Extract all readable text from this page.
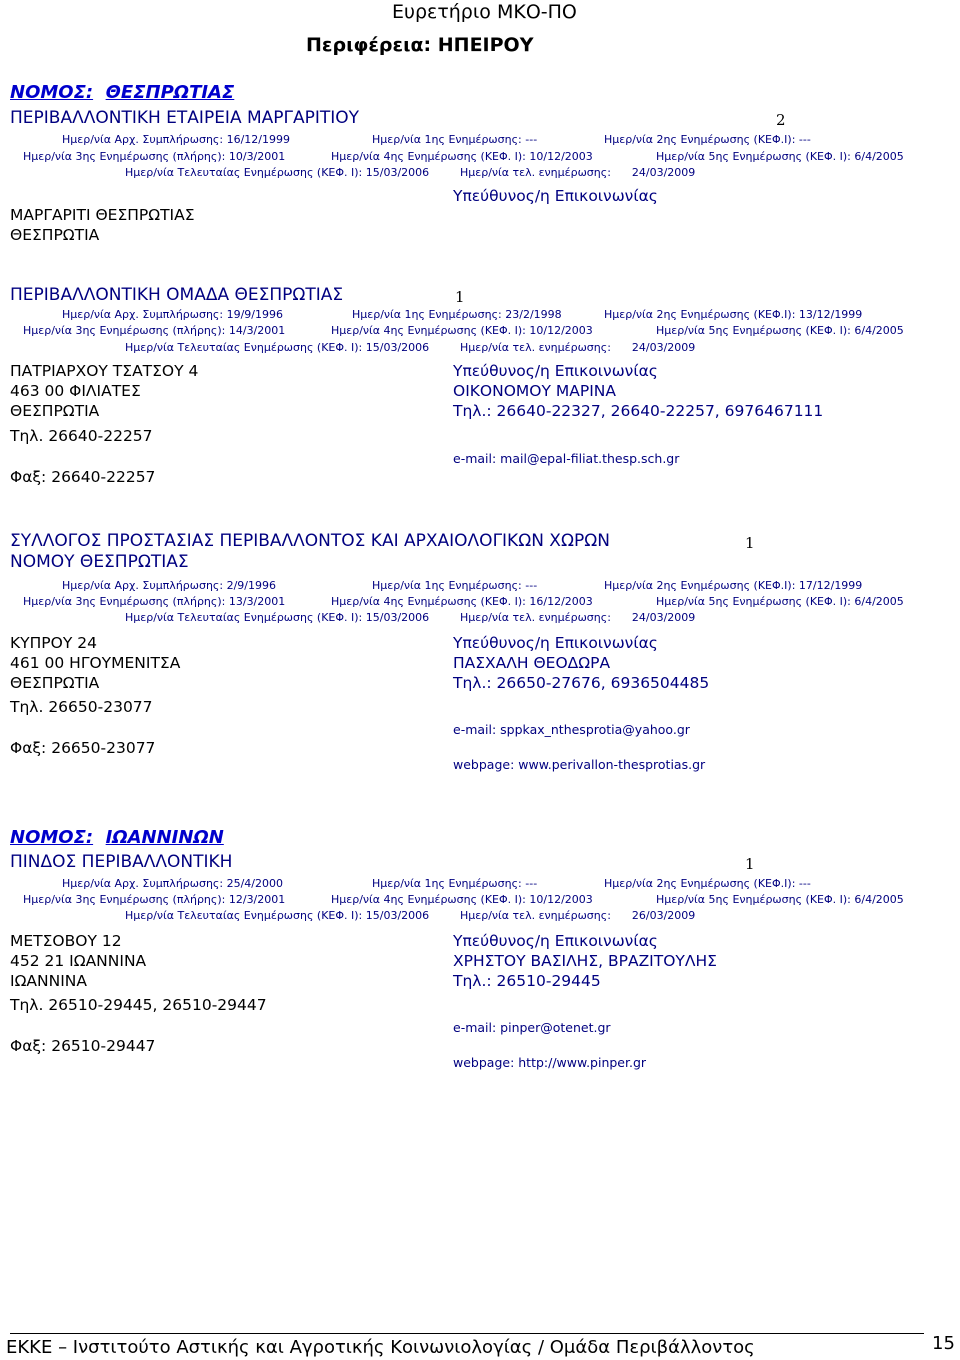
Ευρετήριο ΜΚΟ-ΠΟ
Περιφέρεια: ΗΠΕΙΡΟΥ
ΝΟΜΟΣ: ΘΕΣΠΡΩΤΙΑΣ
ΠΕΡΙΒΑΛΛΟΝΤΙΚΗ ΕΤΑΙΡΕΙΑ ΜΑΡΓΑΡΙΤΙΟΥ	2
Ημερ/νία Αρχ. Συμπλήρωσης: 16/12/1999	Ημερ/νία 1ης Ενημέρωσης: ---	Ημερ/νία 2ης Ενημέρωσης (ΚΕΦ.Ι): ---
Ημερ/νία 3ης Ενημέρωσης (πλήρης): 10/3/2001	Ημερ/νία 4ης Ενημέρωσης (ΚΕΦ. Ι): 10/12/2003	Ημερ/νία 5ης Ενημέρωσης (ΚΕΦ. Ι): 6/4/2005
Ημερ/νία Τελευταίας Ενημέρωσης (ΚΕΦ. Ι): 15/03/2006	Ημερ/νία τελ. ενημέρωσης: 24/03/2009
Υπεύθυνος/η Επικοινωνίας
ΜΑΡΓΑΡΙΤΙ ΘΕΣΠΡΩΤΙΑΣ
ΘΕΣΠΡΩΤΙΑ
ΠΕΡΙΒΑΛΛΟΝΤΙΚΗ ΟΜΑΔΑ ΘΕΣΠΡΩΤΙΑΣ	1
Ημερ/νία Αρχ. Συμπλήρωσης: 19/9/1996	Ημερ/νία 1ης Ενημέρωσης: 23/2/1998	Ημερ/νία 2ης Ενημέρωσης (ΚΕΦ.Ι): 13/12/1999
Ημερ/νία 3ης Ενημέρωσης (πλήρης): 14/3/2001	Ημερ/νία 4ης Ενημέρωσης (ΚΕΦ. Ι): 10/12/2003	Ημερ/νία 5ης Ενημέρωσης (ΚΕΦ. Ι): 6/4/2005
Ημερ/νία Τελευταίας Ενημέρωσης (ΚΕΦ. Ι): 15/03/2006	Ημερ/νία τελ. ενημέρωσης: 24/03/2009
ΠΑΤΡΙΑΡΧΟΥ ΤΣΑΤΣΟΥ 4
463 00 ΦΙΛΙΑΤΕΣ
ΘΕΣΠΡΩΤΙΑ
Τηλ. 26640-22257
Φαξ: 26640-22257
Υπεύθυνος/η Επικοινωνίας
ΟΙΚΟΝΟΜΟΥ ΜΑΡΙΝΑ
Τηλ.: 26640-22327, 26640-22257, 6976467111
e-mail: mail@epal-filiat.thesp.sch.gr
ΣΥΛΛΟΓΟΣ ΠΡΟΣΤΑΣΙΑΣ ΠΕΡΙΒΑΛΛΟΝΤΟΣ ΚΑΙ ΑΡΧΑΙΟΛΟΓΙΚΩΝ ΧΩΡΩΝ
ΝΟΜΟΥ ΘΕΣΠΡΩΤΙΑΣ
1
Ημερ/νία Αρχ. Συμπλήρωσης: 2/9/1996	Ημερ/νία 1ης Ενημέρωσης: ---	Ημερ/νία 2ης Ενημέρωσης (ΚΕΦ.Ι): 17/12/1999
Ημερ/νία 3ης Ενημέρωσης (πλήρης): 13/3/2001	Ημερ/νία 4ης Ενημέρωσης (ΚΕΦ. Ι): 16/12/2003	Ημερ/νία 5ης Ενημέρωσης (ΚΕΦ. Ι): 6/4/2005
Ημερ/νία Τελευταίας Ενημέρωσης (ΚΕΦ. Ι): 15/03/2006	Ημερ/νία τελ. ενημέρωσης: 24/03/2009
ΚΥΠΡΟΥ 24
461 00 ΗΓΟΥΜΕΝΙΤΣΑ
ΘΕΣΠΡΩΤΙΑ
Τηλ. 26650-23077
Φαξ: 26650-23077
Υπεύθυνος/η Επικοινωνίας
ΠΑΣΧΑΛΗ ΘΕΟΔΩΡΑ
Τηλ.: 26650-27676, 6936504485
e-mail: sppkax_nthesprotia@yahoo.gr
webpage: www.perivallon-thesprotias.gr
ΝΟΜΟΣ: ΙΩΑΝΝΙΝΩΝ
ΠΙΝΔΟΣ ΠΕΡΙΒΑΛΛΟΝΤΙΚΗ	1
Ημερ/νία Αρχ. Συμπλήρωσης: 25/4/2000	Ημερ/νία 1ης Ενημέρωσης: ---	Ημερ/νία 2ης Ενημέρωσης (ΚΕΦ.Ι): ---
Ημερ/νία 3ης Ενημέρωσης (πλήρης): 12/3/2001	Ημερ/νία 4ης Ενημέρωσης (ΚΕΦ. Ι): 10/12/2003	Ημερ/νία 5ης Ενημέρωσης (ΚΕΦ. Ι): 6/4/2005
Ημερ/νία Τελευταίας Ενημέρωσης (ΚΕΦ. Ι): 15/03/2006	Ημερ/νία τελ. ενημέρωσης: 26/03/2009
ΜΕΤΣΟΒΟΥ 12
452 21 ΙΩΑΝΝΙΝΑ
ΙΩΑΝΝΙΝΑ
Τηλ. 26510-29445, 26510-29447
Φαξ: 26510-29447
Υπεύθυνος/η Επικοινωνίας
ΧΡΗΣΤΟΥ ΒΑΣΙΛΗΣ, ΒΡΑΖΙΤΟΥΛΗΣ
Τηλ.: 26510-29445
e-mail: pinper@otenet.gr
webpage: http://www.pinper.gr
ΕΚΚΕ – Ινστιτούτο Αστικής και Αγροτικής Κοινωνιολογίας / Ομάδα Περιβάλλοντος	15
